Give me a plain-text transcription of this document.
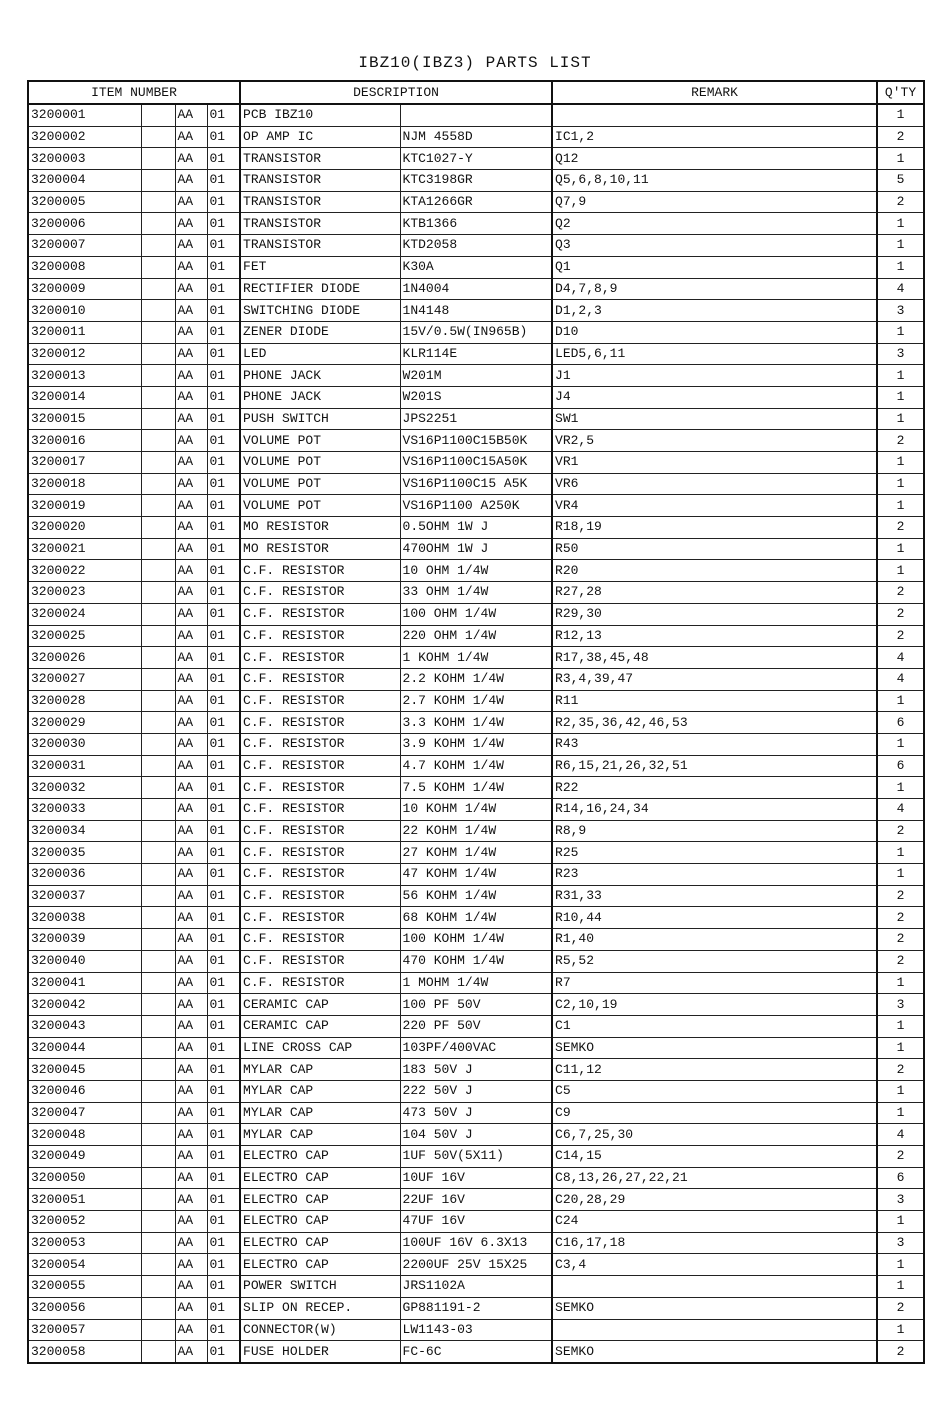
IBZ10(IBZ3) PARTS LIST
ITEM NUMBER				DESCRIPTION		REMARK	Q'TY
3200001		AA	01	PCB IBZ10			1
3200002		AA	01	OP AMP IC	NJM 4558D	IC1,2	2
3200003		AA	01	TRANSISTOR	KTC1027-Y	Q12	1
3200004		AA	01	TRANSISTOR	KTC3198GR	Q5,6,8,10,11	5
3200005		AA	01	TRANSISTOR	KTA1266GR	Q7,9	2
3200006		AA	01	TRANSISTOR	KTB1366	Q2	1
3200007		AA	01	TRANSISTOR	KTD2058	Q3	1
3200008		AA	01	FET	K30A	Q1	1
3200009		AA	01	RECTIFIER DIODE	1N4004	D4,7,8,9	4
3200010		AA	01	SWITCHING DIODE	1N4148	D1,2,3	3
3200011		AA	01	ZENER DIODE	15V/0.5W(IN965B)	D10	1
3200012		AA	01	LED	KLR114E	LED5,6,11	3
3200013		AA	01	PHONE JACK	W201M	J1	1
3200014		AA	01	PHONE JACK	W201S	J4	1
3200015		AA	01	PUSH SWITCH	JPS2251	SW1	1
3200016		AA	01	VOLUME POT	VS16P1100C15B50K	VR2,5	2
3200017		AA	01	VOLUME POT	VS16P1100C15A50K	VR1	1
3200018		AA	01	VOLUME POT	VS16P1100C15 A5K	VR6	1
3200019		AA	01	VOLUME POT	VS16P1100 A250K	VR4	1
3200020		AA	01	MO RESISTOR	0.5OHM 1W J	R18,19	2
3200021		AA	01	MO RESISTOR	470OHM 1W J	R50	1
3200022		AA	01	C.F. RESISTOR	10 OHM 1/4W	R20	1
3200023		AA	01	C.F. RESISTOR	33 OHM 1/4W	R27,28	2
3200024		AA	01	C.F. RESISTOR	100 OHM 1/4W	R29,30	2
3200025		AA	01	C.F. RESISTOR	220 OHM 1/4W	R12,13	2
3200026		AA	01	C.F. RESISTOR	1 KOHM 1/4W	R17,38,45,48	4
3200027		AA	01	C.F. RESISTOR	2.2 KOHM 1/4W	R3,4,39,47	4
3200028		AA	01	C.F. RESISTOR	2.7 KOHM 1/4W	R11	1
3200029		AA	01	C.F. RESISTOR	3.3 KOHM 1/4W	R2,35,36,42,46,53	6
3200030		AA	01	C.F. RESISTOR	3.9 KOHM 1/4W	R43	1
3200031		AA	01	C.F. RESISTOR	4.7 KOHM 1/4W	R6,15,21,26,32,51	6
3200032		AA	01	C.F. RESISTOR	7.5 KOHM 1/4W	R22	1
3200033		AA	01	C.F. RESISTOR	10 KOHM 1/4W	R14,16,24,34	4
3200034		AA	01	C.F. RESISTOR	22 KOHM 1/4W	R8,9	2
3200035		AA	01	C.F. RESISTOR	27 KOHM 1/4W	R25	1
3200036		AA	01	C.F. RESISTOR	47 KOHM 1/4W	R23	1
3200037		AA	01	C.F. RESISTOR	56 KOHM 1/4W	R31,33	2
3200038		AA	01	C.F. RESISTOR	68 KOHM 1/4W	R10,44	2
3200039		AA	01	C.F. RESISTOR	100 KOHM 1/4W	R1,40	2
3200040		AA	01	C.F. RESISTOR	470 KOHM 1/4W	R5,52	2
3200041		AA	01	C.F. RESISTOR	1 MOHM 1/4W	R7	1
3200042		AA	01	CERAMIC CAP	100 PF 50V	C2,10,19	3
3200043		AA	01	CERAMIC CAP	220 PF 50V	C1	1
3200044		AA	01	LINE CROSS CAP	103PF/400VAC	SEMKO	1
3200045		AA	01	MYLAR CAP	183 50V J	C11,12	2
3200046		AA	01	MYLAR CAP	222 50V J	C5	1
3200047		AA	01	MYLAR CAP	473 50V J	C9	1
3200048		AA	01	MYLAR CAP	104 50V J	C6,7,25,30	4
3200049		AA	01	ELECTRO CAP	1UF 50V(5X11)	C14,15	2
3200050		AA	01	ELECTRO CAP	10UF 16V	C8,13,26,27,22,21	6
3200051		AA	01	ELECTRO CAP	22UF 16V	C20,28,29	3
3200052		AA	01	ELECTRO CAP	47UF 16V	C24	1
3200053		AA	01	ELECTRO CAP	100UF 16V 6.3X13	C16,17,18	3
3200054		AA	01	ELECTRO CAP	2200UF 25V 15X25	C3,4	1
3200055		AA	01	POWER SWITCH	JRS1102A		1
3200056		AA	01	SLIP ON RECEP.	GP881191-2	SEMKO	2
3200057		AA	01	CONNECTOR(W)	LW1143-03		1
3200058		AA	01	FUSE HOLDER	FC-6C	SEMKO	2
